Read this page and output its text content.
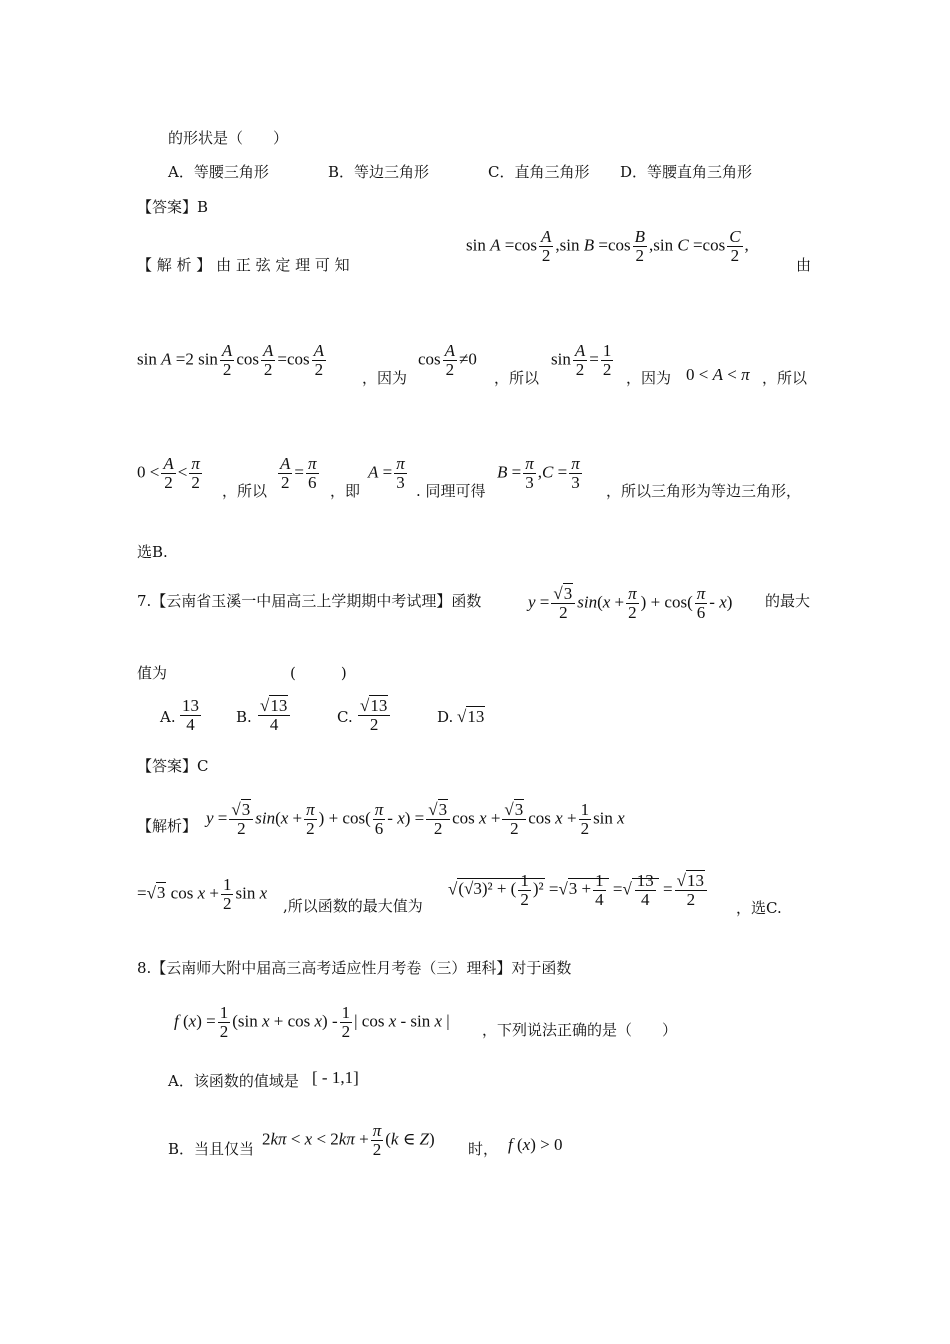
的形状是（　　）
A．等腰三角形	B．等边三角形	C．直角三角形 D．等腰直角三角形
【答案】B
【 解 析 】 由 正 弦 定 理 可 知
$\sin A =\cos \frac{A}{2} ,\sin$ $B =\cos \frac{B}{2} ,\sin$ $C =\cos \frac{C}{2}$ ,
由
sin A =2 $\sin \frac{A}{2}$ $\cos \frac{A}{2} =\cos \frac{A}{2}$ ，因为
$\cos \frac{A}{2} \ne 0$
，所以
$\sin \frac{A}{2} = \frac{1}{2}$ ，因为 0 < A < π ，所以
$0 < \frac{A}{2} < \frac{\pi}{2}$ ，所以 $\frac{A}{2} = \frac{\pi}{6}$ ，即
$A = \frac{\pi}{3}$ . 同理可得
$B = \frac{\pi}{3} ,C = \frac{\pi}{3}$ ，所以三角形为等边三角形，
选B.
7.【云南省玉溪一中届高三上学期期中考试理】函数	$y = \frac{√3}{2} \sin(x + \frac{\pi}{2}$ ) + $\cos( \frac{\pi}{6} - x)$ 的最大
值为	(　　　)
A. $\frac{13}{4} B$. $\frac{√13}{4}$	C. $\frac{√13}{2}$	D. √13
【答案】C
【解析】 $y = \frac{√3}{2} \sin(x + \frac{\pi}{2}$ ) + $\cos( \frac{\pi}{6} - x) = \frac{√3}{2}$ $\cos x + \frac{√3}{2}$ $\cos x + \frac{1}{2}$ sin x
=√3 $\cos x + \frac{1}{2}$ sin x
,所以函数的最大值为
√(√3)² + ( $\frac{1}{2} )^2 =√3 + \frac{1}{4}$ =√ $\frac{13}{4} = \frac{√13}{2}$ ，选C.
8.【云南师大附中届高三高考适应性月考卷（三）理科】对于函数
f $(x) = \frac{1}{2} (\sin$ $x + \cos x) - \frac{1}{2}$ | cos x - sin x | ，下列说法正确的是（　　）
A．该函数的值域是 [ - 1,1]
B．当且仅当
$2k\pi < x < 2k\pi + \frac{\pi}{2} (k$ ∈ Z)
时， f (x) > 0
